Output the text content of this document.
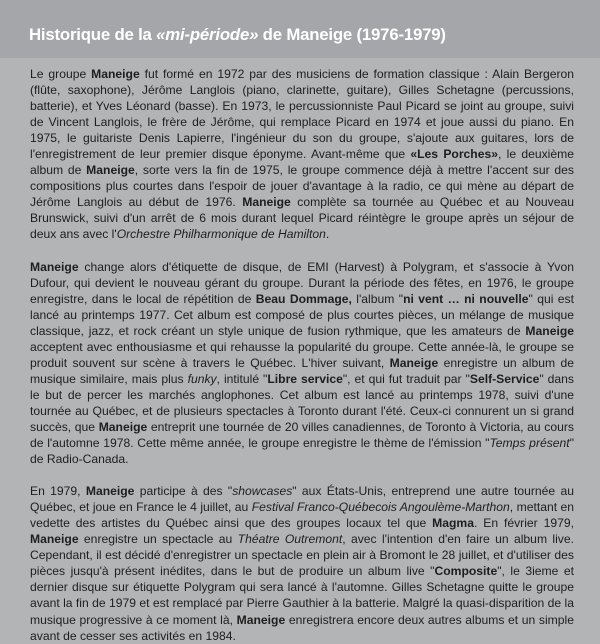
Historique de la «mi-période» de Maneige (1976-1979)

Le groupe Maneige fut formé en 1972 par des musiciens de formation classique : Alain Bergeron (flûte, saxophone), Jérôme Langlois (piano, clarinette, guitare), Gilles Schetagne (percussions, batterie), et Yves Léonard (basse). En 1973, le percussionniste Paul Picard se joint au groupe, suivi de Vincent Langlois, le frère de Jérôme, qui remplace Picard en 1974 et joue aussi du piano. En 1975, le guitariste Denis Lapierre, l'ingénieur du son du groupe, s'ajoute aux guitares, lors de l'enregistrement de leur premier disque éponyme. Avant-même que «Les Porches», le deuxième album de Maneige, sorte vers la fin de 1975, le groupe commence déjà à mettre l'accent sur des compositions plus courtes dans l'espoir de jouer d'avantage à la radio, ce qui mène au départ de Jérôme Langlois au début de 1976. Maneige complète sa tournée au Québec et au Nouveau Brunswick, suivi d'un arrêt de 6 mois durant lequel Picard réintègre le groupe après un séjour de deux ans avec l'Orchestre Philharmonique de Hamilton.

Maneige change alors d'étiquette de disque, de EMI (Harvest) à Polygram, et s'associe à Yvon Dufour, qui devient le nouveau gérant du groupe. Durant la période des fêtes, en 1976, le groupe enregistre, dans le local de répétition de Beau Dommage, l'album "ni vent … ni nouvelle" qui est lancé au printemps 1977. Cet album est composé de plus courtes pièces, un mélange de musique classique, jazz, et rock créant un style unique de fusion rythmique, que les amateurs de Maneige acceptent avec enthousiasme et qui rehausse la popularité du groupe. Cette année-là, le groupe se produit souvent sur scène à travers le Québec. L'hiver suivant, Maneige enregistre un album de musique similaire, mais plus funky, intitulé "Libre service", et qui fut traduit par "Self-Service" dans le but de percer les marchés anglophones. Cet album est lancé au printemps 1978, suivi d'une tournée au Québec, et de plusieurs spectacles à Toronto durant l'été. Ceux-ci connurent un si grand succès, que Maneige entreprit une tournée de 20 villes canadiennes, de Toronto à Victoria, au cours de l'automne 1978. Cette même année, le groupe enregistre le thème de l'émission "Temps présent" de Radio-Canada.

En 1979, Maneige participe à des "showcases" aux États-Unis, entreprend une autre tournée au Québec, et joue en France le 4 juillet, au Festival Franco-Québecois Angoulème-Marthon, mettant en vedette des artistes du Québec ainsi que des groupes locaux tel que Magma. En février 1979, Maneige enregistre un spectacle au Théatre Outremont, avec l'intention d'en faire un album live. Cependant, il est décidé d'enregistrer un spectacle en plein air à Bromont le 28 juillet, et d'utiliser des pièces jusqu'à présent inédites, dans le but de produire un album live "Composite", le 3ieme et dernier disque sur étiquette Polygram qui sera lancé à l'automne. Gilles Schetagne quitte le groupe avant la fin de 1979 et est remplacé par Pierre Gauthier à la batterie. Malgré la quasi-disparition de la musique progressive à ce moment là, Maneige enregistrera encore deux autres albums et un simple avant de cesser ses activités en 1984.
